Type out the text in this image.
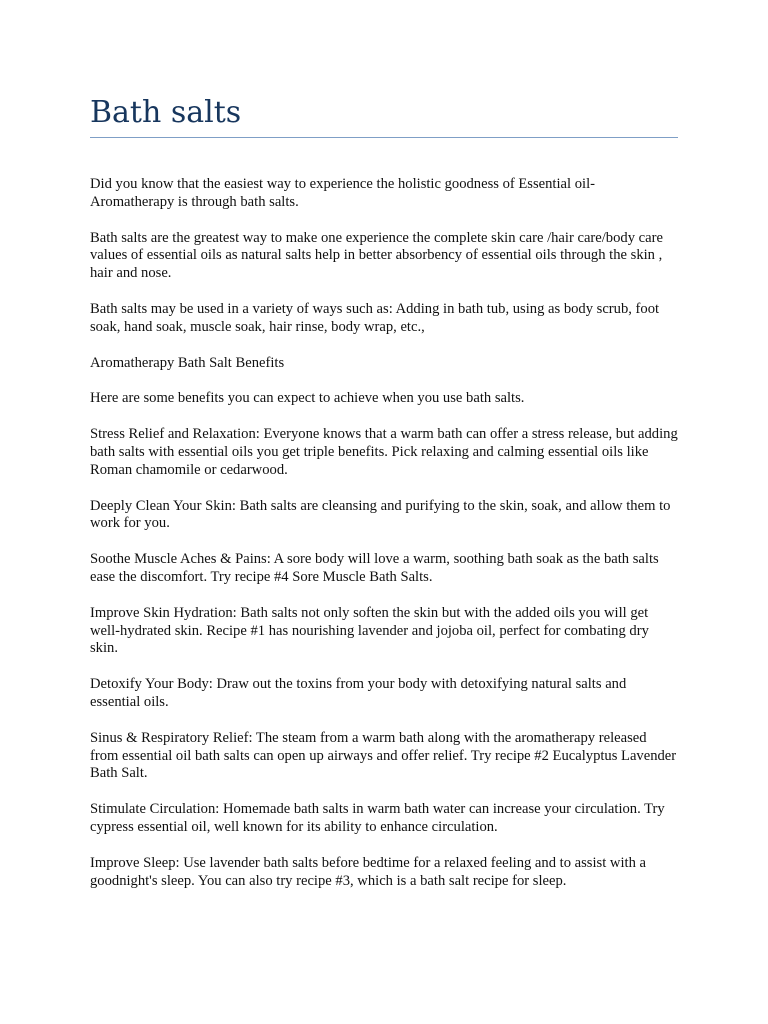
Bath salts

Did you know that the easiest way to experience the holistic goodness of Essential oil-Aromatherapy is through bath salts.

Bath salts are the greatest way to make one experience the complete skin care /hair care/body care values of essential oils as natural salts help in better absorbency of essential oils through the skin , hair and nose.

Bath salts may be used in a variety of ways such as: Adding in bath tub, using as body scrub, foot soak, hand soak, muscle soak, hair rinse, body wrap, etc.,

Aromatherapy Bath Salt Benefits

Here are some benefits you can expect to achieve when you use bath salts.

Stress Relief and Relaxation: Everyone knows that a warm bath can offer a stress release, but adding bath salts with essential oils you get triple benefits. Pick relaxing and calming essential oils like Roman chamomile or cedarwood.

Deeply Clean Your Skin: Bath salts are cleansing and purifying to the skin, soak, and allow them to work for you.

Soothe Muscle Aches & Pains: A sore body will love a warm, soothing bath soak as the bath salts ease the discomfort. Try recipe #4 Sore Muscle Bath Salts.

Improve Skin Hydration: Bath salts not only soften the skin but with the added oils you will get well-hydrated skin. Recipe #1 has nourishing lavender and jojoba oil, perfect for combating dry skin.

Detoxify Your Body: Draw out the toxins from your body with detoxifying natural salts and essential oils.

Sinus & Respiratory Relief: The steam from a warm bath along with the aromatherapy released from essential oil bath salts can open up airways and offer relief. Try recipe #2 Eucalyptus Lavender Bath Salt.

Stimulate Circulation: Homemade bath salts in warm bath water can increase your circulation. Try cypress essential oil, well known for its ability to enhance circulation.

Improve Sleep: Use lavender bath salts before bedtime for a relaxed feeling and to assist with a goodnight's sleep. You can also try recipe #3, which is a bath salt recipe for sleep.
